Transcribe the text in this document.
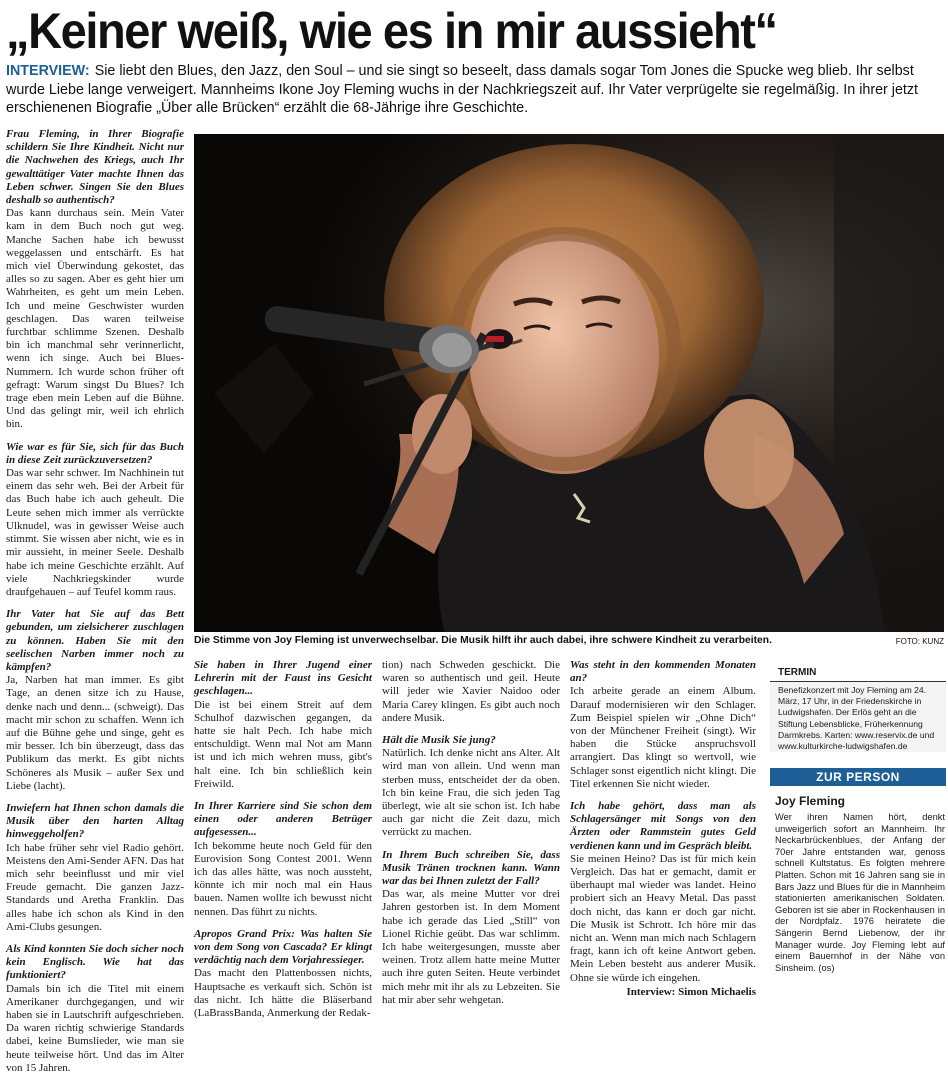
„Keiner weiß, wie es in mir aussieht“
INTERVIEW: Sie liebt den Blues, den Jazz, den Soul – und sie singt so beseelt, dass damals sogar Tom Jones die Spucke weg blieb. Ihr selbst wurde Liebe lange verweigert. Mannheims Ikone Joy Fleming wuchs in der Nachkriegszeit auf. Ihr Vater verprügelte sie regelmäßig. In ihrer jetzt erschienenen Biografie „Über alle Brücken“ erzählt die 68-Jährige ihre Geschichte.

Frau Fleming, in Ihrer Biografie schildern Sie Ihre Kindheit. Nicht nur die Nachwehen des Kriegs, auch Ihr gewalttätiger Vater machte Ihnen das Leben schwer. Singen Sie den Blues deshalb so authentisch?

Das kann durchaus sein. Mein Vater kam in dem Buch noch gut weg. Manche Sachen habe ich bewusst weggelassen und entschärft. Es hat mich viel Überwindung gekostet, das alles so zu sagen. Aber es geht hier um Wahrheiten, es geht um mein Leben. Ich und meine Geschwister wurden geschlagen. Das waren teilweise furchtbar schlimme Szenen. Deshalb bin ich manchmal sehr verinnerlicht, wenn ich singe. Auch bei Blues-Nummern. Ich wurde schon früher oft gefragt: Warum singst Du Blues? Ich trage eben mein Leben auf die Bühne. Und das gelingt mir, weil ich ehrlich bin.

Wie war es für Sie, sich für das Buch in diese Zeit zurückzuversetzen?

Das war sehr schwer. Im Nachhinein tut einem das sehr weh. Bei der Arbeit für das Buch habe ich auch geheult. Die Leute sehen mich immer als verrückte Ulknudel, was in gewisser Weise auch stimmt. Sie wissen aber nicht, wie es in mir aussieht, in meiner Seele. Deshalb habe ich meine Geschichte erzählt. Auf viele Nachkriegskinder wurde draufgehauen – auf Teufel komm raus.

Ihr Vater hat Sie auf das Bett gebunden, um zielsicherer zuschlagen zu können. Haben Sie mit den seelischen Narben immer noch zu kämpfen?

Ja, Narben hat man immer. Es gibt Tage, an denen sitze ich zu Hause, denke nach und denn... (schweigt). Das macht mir schon zu schaffen. Wenn ich auf die Bühne gehe und singe, geht es mir besser. Ich bin überzeugt, dass das Publikum das merkt. Es gibt nichts Schöneres als Musik – außer Sex und Liebe (lacht).

Inwiefern hat Ihnen schon damals die Musik über den harten Alltag hinweggeholfen?

Ich habe früher sehr viel Radio gehört. Meistens den Ami-Sender AFN. Das hat mich sehr beeinflusst und mir viel Freude gemacht. Die ganzen Jazz-Standards und Aretha Franklin. Das alles habe ich schon als Kind in den Ami-Clubs gesungen.

Als Kind konnten Sie doch sicher noch kein Englisch. Wie hat das funktioniert?

Damals bin ich die Titel mit einem Amerikaner durchgegangen, und wir haben sie in Lautschrift aufgeschrieben. Da waren richtig schwierige Standards dabei, keine Bumslieder, wie man sie heute teilweise hört. Und das im Alter von 15 Jahren.

Sie haben in Ihrer Jugend einer Lehrerin mit der Faust ins Gesicht geschlagen...

Die ist bei einem Streit auf dem Schulhof dazwischen gegangen, da hatte sie halt Pech. Ich habe mich entschuldigt. Wenn mal Not am Mann ist und ich mich wehren muss, gibt's halt eine. Ich bin schließlich kein Freiwild.

In Ihrer Karriere sind Sie schon dem einen oder anderen Betrüger aufgesessen...

Ich bekomme heute noch Geld für den Eurovision Song Contest 2001. Wenn ich das alles hätte, was noch aussteht, könnte ich mir noch mal ein Haus bauen. Namen wollte ich bewusst nicht nennen. Das führt zu nichts.

Apropos Grand Prix: Was halten Sie von dem Song von Cascada? Er klingt verdächtig nach dem Vorjahressieger.

Das macht den Plattenbossen nichts, Hauptsache es verkauft sich. Schön ist das nicht. Ich hätte die Bläserband (LaBrassBanda, Anmerkung der Redak-

tion) nach Schweden geschickt. Die waren so authentisch und geil. Heute will jeder wie Xavier Naidoo oder Maria Carey klingen. Es gibt auch noch andere Musik.

Hält die Musik Sie jung?

Natürlich. Ich denke nicht ans Alter. Alt wird man von allein. Und wenn man sterben muss, entscheidet der da oben. Ich bin keine Frau, die sich jeden Tag überlegt, wie alt sie schon ist. Ich habe auch gar nicht die Zeit dazu, mich verrückt zu machen.

In Ihrem Buch schreiben Sie, dass Musik Tränen trocknen kann. Wann war das bei Ihnen zuletzt der Fall?

Das war, als meine Mutter vor drei Jahren gestorben ist. In dem Moment habe ich gerade das Lied „Still“ von Lionel Richie geübt. Das war schlimm. Ich habe weitergesungen, musste aber weinen. Trotz allem hatte meine Mutter auch ihre guten Seiten. Heute verbindet mich mehr mit ihr als zu Lebzeiten. Sie hat mir aber sehr wehgetan.

Was steht in den kommenden Monaten an?

Ich arbeite gerade an einem Album. Darauf modernisieren wir den Schlager. Zum Beispiel spielen wir „Ohne Dich“ von der Münchener Freiheit (singt). Wir haben die Stücke anspruchsvoll arrangiert. Das klingt so wertvoll, wie Schlager sonst eigentlich nicht klingt. Die Titel erkennen Sie nicht wieder.

Ich habe gehört, dass man als Schlagersänger mit Songs von den Ärzten oder Rammstein gutes Geld verdienen kann und im Gespräch bleibt.

Sie meinen Heino? Das ist für mich kein Vergleich. Das hat er gemacht, damit er überhaupt mal wieder was landet. Heino probiert sich an Heavy Metal. Das passt doch nicht, das kann er doch gar nicht. Die Musik ist Schrott. Ich höre mir das nicht an. Wenn man mich nach Schlagern fragt, kann ich oft keine Antwort geben. Mein Leben besteht aus anderer Musik. Ohne sie würde ich eingehen.

Interview: Simon Michaelis

Die Stimme von Joy Fleming ist unverwechselbar. Die Musik hilft ihr auch dabei, ihre schwere Kindheit zu verarbeiten.	FOTO: KUNZ
TERMIN
Benefizkonzert mit Joy Fleming am 24. März, 17 Uhr, in der Friedenskirche in Ludwigshafen. Der Erlös geht an die Stiftung Lebensblicke, Früherkennung Darmkrebs. Karten: www.reservix.de und www.kulturkirche-ludwigshafen.de
ZUR PERSON
Joy Fleming
Wer ihren Namen hört, denkt unweigerlich sofort an Mannheim. Ihr Neckarbrückenblues, der Anfang der 70er Jahre entstanden war, genoss schnell Kultstatus. Es folgten mehrere Platten. Schon mit 16 Jahren sang sie in Bars Jazz und Blues für die in Mannheim stationierten amerikanischen Soldaten. Geboren ist sie aber in Rockenhausen in der Nordpfalz. 1976 heiratete die Sängerin Bernd Liebenow, der ihr Manager wurde. Joy Fleming lebt auf einem Bauernhof in der Nähe von Sinsheim. (os)
